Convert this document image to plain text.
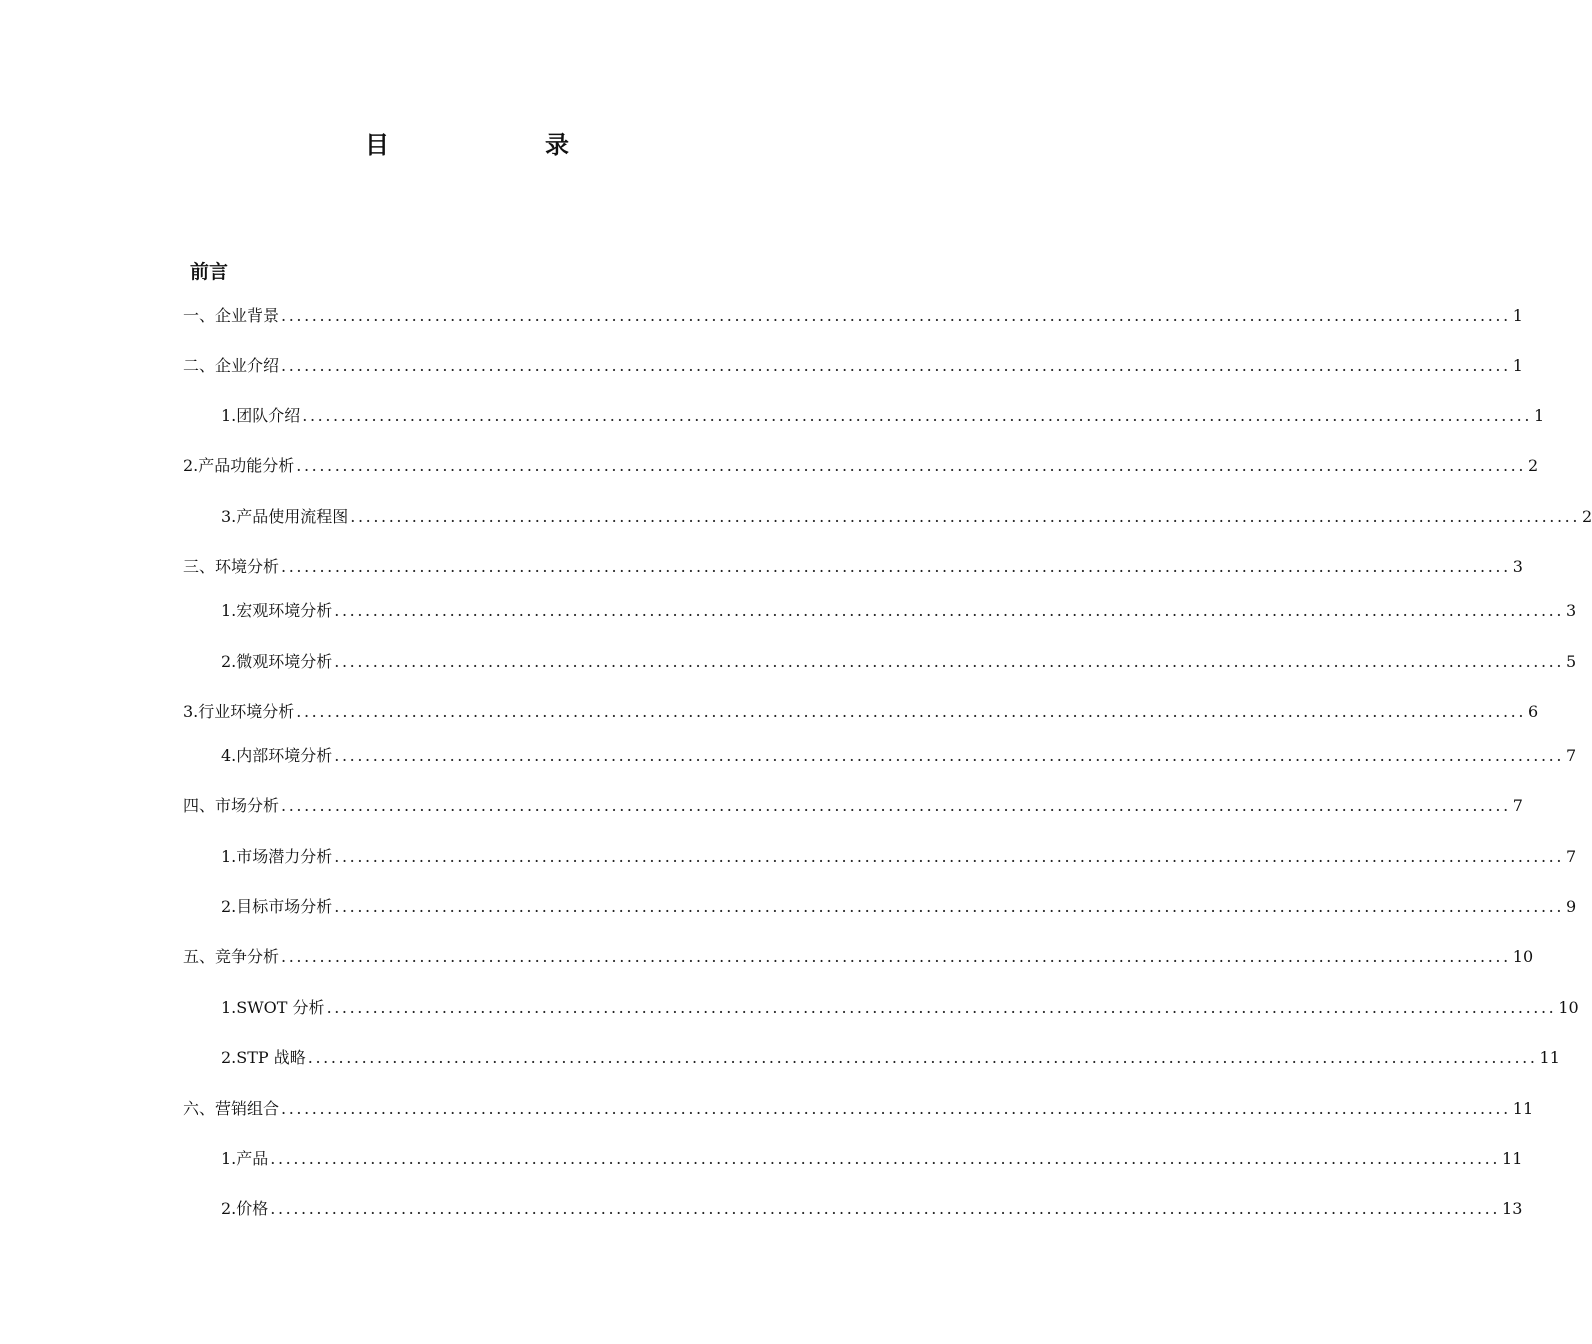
目　录
前言
一、企业背景 ................................................................................................................................................................ 1
二、企业介绍 ................................................................................................................................................................ 1
1.团队介绍 ................................................................................................................................................................ 1
2.产品功能分析 ................................................................................................................................................................ 2
3.产品使用流程图 ................................................................................................................................................................ 2
三、环境分析 ................................................................................................................................................................ 3
1.宏观环境分析 ................................................................................................................................................................ 3
2.微观环境分析 ................................................................................................................................................................ 5
3.行业环境分析 ................................................................................................................................................................ 6
4.内部环境分析 ................................................................................................................................................................ 7
四、市场分析 ................................................................................................................................................................ 7
1.市场潜力分析 ................................................................................................................................................................ 7
2.目标市场分析 ................................................................................................................................................................ 9
五、竞争分析 ................................................................................................................................................................ 10
1.SWOT 分析 ................................................................................................................................................................ 10
2.STP 战略 ................................................................................................................................................................ 11
六、营销组合 ................................................................................................................................................................ 11
1.产品 ................................................................................................................................................................ 11
2.价格 ................................................................................................................................................................ 13
